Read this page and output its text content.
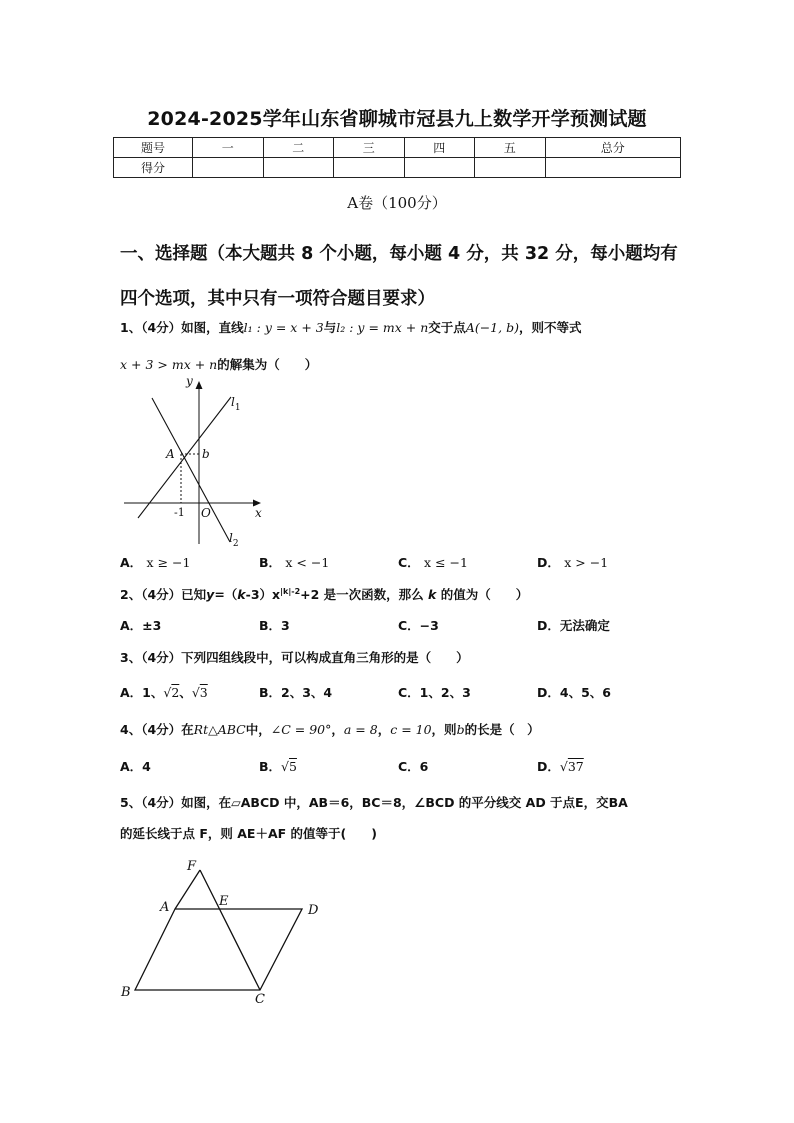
2024-2025学年山东省聊城市冠县九上数学开学预测试题
题号	一	二	三	四	五	总分
得分						
A卷（100分）
一、选择题（本大题共 8 个小题，每小题 4 分，共 32 分，每小题均有四个选项，其中只有一项符合题目要求）
1、（4分）如图，直线l₁ : y = x + 3与l₂ : y = mx + n交于点A(−1, b)，则不等式
x + 3 > mx + n的解集为（　　）
y
$l_1$
A b
-1 O	x
$l_2$
A． x ≥ −1	B． x < −1	C． x ≤ −1	D． x > −1
2、（4分）已知$y=(k-3)x^{|k|-2}+2$ 是一次函数，那么 k 的值为（　　）
A．±3	B．3	C．−3	D．无法确定
3、（4分）下列四组线段中，可以构成直角三角形的是（　　）
A．1、√2、√3	B．2、3、4	C．1、2、3	D．4、5、6
4、（4分）在Rt△ABC中，∠C = 90°，a = 8，c = 10，则b的长是（　）
A．4	B．√5	C．6	D．√37
5、（4分）如图，在▱ABCD 中，AB＝6，BC＝8，∠BCD 的平分线交 AD 于点E，交BA
的延长线于点 F，则 AE＋AF 的值等于(　　)
F
A	E
D
B	C
